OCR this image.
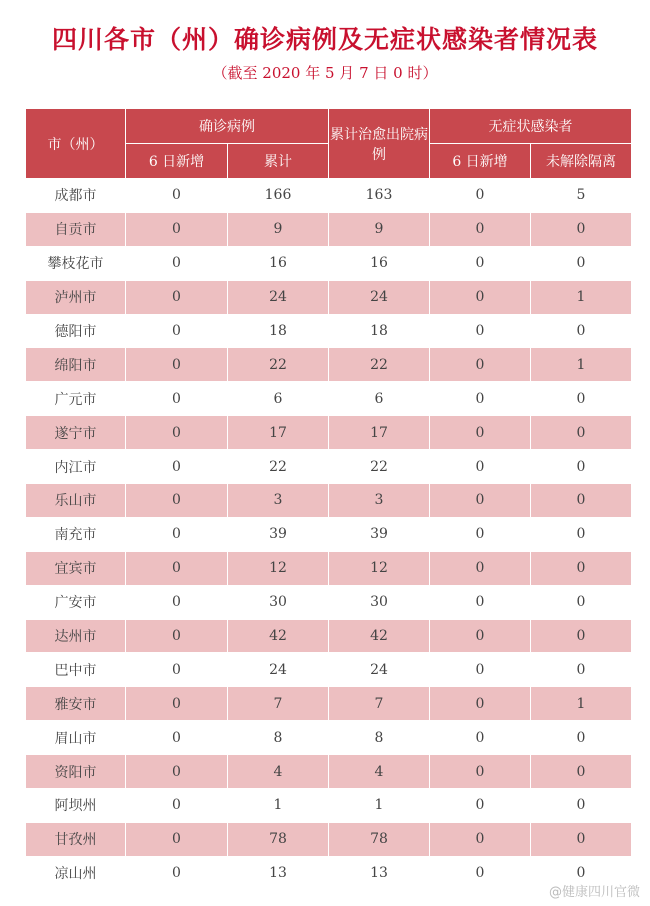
四川各市（州）确诊病例及无症状感染者情况表
（截至 2020 年 5 月 7 日 0 时）
市（州）	确诊病例		累计治愈出院病例	无症状感染者	
	6 日新增	累计		6 日新增	未解除隔离
成都市	0	166	163	0	5
自贡市	0	9	9	0	0
攀枝花市	0	16	16	0	0
泸州市	0	24	24	0	1
德阳市	0	18	18	0	0
绵阳市	0	22	22	0	1
广元市	0	6	6	0	0
遂宁市	0	17	17	0	0
内江市	0	22	22	0	0
乐山市	0	3	3	0	0
南充市	0	39	39	0	0
宜宾市	0	12	12	0	0
广安市	0	30	30	0	0
达州市	0	42	42	0	0
巴中市	0	24	24	0	0
雅安市	0	7	7	0	1
眉山市	0	8	8	0	0
资阳市	0	4	4	0	0
阿坝州	0	1	1	0	0
甘孜州	0	78	78	0	0
凉山州	0	13	13	0	0
@健康四川官微
